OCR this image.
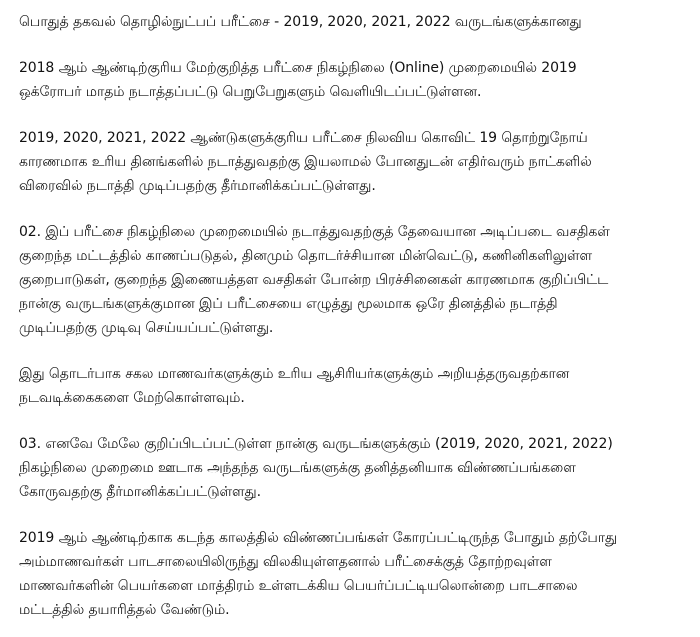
பொதுத் தகவல் தொழில்நுட்பப் பரீட்சை - 2019, 2020, 2021, 2022 வருடங்களுக்கானது

2018 ஆம் ஆண்டிற்குரிய மேற்குறித்த பரீட்சை நிகழ்நிலை (Online) முறைமையில் 2019
ஒக்ரோபர் மாதம் நடாத்தப்பட்டு பெறுபேறுகளும் வெளியிடப்பட்டுள்ளன.

2019, 2020, 2021, 2022 ஆண்டுகளுக்குரிய பரீட்சை நிலவிய கொவிட் 19 தொற்றுநோய்
காரணமாக உரிய தினங்களில் நடாத்துவதற்கு இயலாமல் போனதுடன் எதிர்வரும் நாட்களில்
விரைவில் நடாத்தி முடிப்பதற்கு தீர்மானிக்கப்பட்டுள்ளது.

02. இப் பரீட்சை நிகழ்நிலை முறைமையில் நடாத்துவதற்குத் தேவையான அடிப்படை வசதிகள்
குறைந்த மட்டத்தில் காணப்படுதல், தினமும் தொடர்ச்சியான மின்வெட்டு, கணினிகளிலுள்ள
குறைபாடுகள், குறைந்த இணையத்தள வசதிகள் போன்ற பிரச்சினைகள் காரணமாக குறிப்பிட்ட
நான்கு வருடங்களுக்குமான இப் பரீட்சையை எழுத்து மூலமாக ஒரே தினத்தில் நடாத்தி
முடிப்பதற்கு முடிவு செய்யப்பட்டுள்ளது.

இது தொடர்பாக சகல மாணவர்களுக்கும் உரிய ஆசிரியர்களுக்கும் அறியத்தருவதற்கான
நடவடிக்கைகளை மேற்கொள்ளவும்.

03. எனவே மேலே குறிப்பிடப்பட்டுள்ள நான்கு வருடங்களுக்கும் (2019, 2020, 2021, 2022)
நிகழ்நிலை முறைமை ஊடாக அந்தந்த வருடங்களுக்கு தனித்தனியாக விண்ணப்பங்களை
கோருவதற்கு தீர்மானிக்கப்பட்டுள்ளது.

2019 ஆம் ஆண்டிற்காக கடந்த காலத்தில் விண்ணப்பங்கள் கோரப்பட்டிருந்த போதும் தற்போது
அம்மாணவர்கள் பாடசாலையிலிருந்து விலகியுள்ளதனால் பரீட்சைக்குத் தோற்றவுள்ள
மாணவர்களின் பெயர்களை மாத்திரம் உள்ளடக்கிய பெயர்ப்பட்டியலொன்றை பாடசாலை
மட்டத்தில் தயாரித்தல் வேண்டும்.
